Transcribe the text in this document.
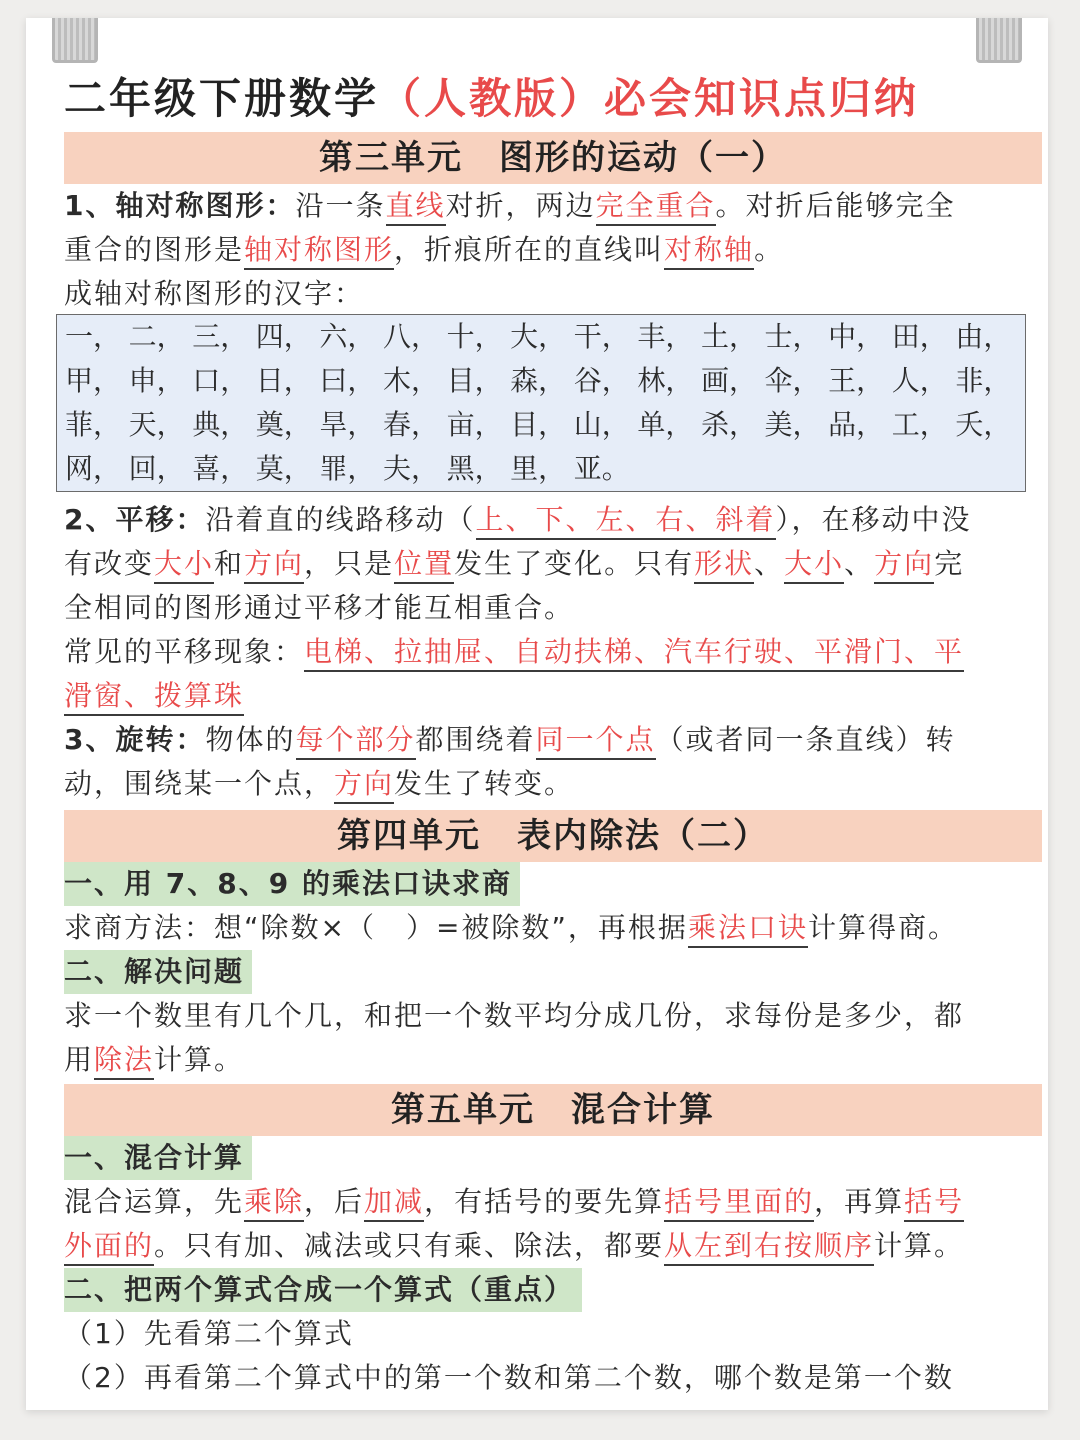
二年级下册数学（人教版）必会知识点归纳
第三单元　图形的运动（一）
1、轴对称图形：沿一条直线对折，两边完全重合。对折后能够完全
重合的图形是轴对称图形，折痕所在的直线叫对称轴。
成轴对称图形的汉字：
一， 二， 三， 四， 六， 八， 十， 大， 干， 丰， 土， 士， 中， 田， 由，
甲， 申， 口， 日， 曰， 木， 目， 森， 谷， 林， 画， 伞， 王， 人， 非，
菲， 天， 典， 奠， 旱， 春， 亩， 目， 山， 单， 杀， 美， 品， 工， 夭，
网， 回， 喜， 莫， 罪， 夫， 黑， 里， 亚。
2、平移：沿着直的线路移动（上、下、左、右、斜着），在移动中没
有改变大小和方向，只是位置发生了变化。只有形状、大小、方向完
全相同的图形通过平移才能互相重合。
常见的平移现象：电梯、拉抽屉、自动扶梯、汽车行驶、平滑门、平
滑窗、拨算珠
3、旋转：物体的每个部分都围绕着同一个点（或者同一条直线）转
动，围绕某一个点，方向发生了转变。
第四单元　表内除法（二）
一、用 7、8、9 的乘法口诀求商
求商方法：想“除数×（　）=被除数”，再根据乘法口诀计算得商。
二、解决问题
求一个数里有几个几，和把一个数平均分成几份，求每份是多少，都
用除法计算。
第五单元　混合计算
一、混合计算
混合运算，先乘除，后加减，有括号的要先算括号里面的，再算括号
外面的。只有加、减法或只有乘、除法，都要从左到右按顺序计算。
二、把两个算式合成一个算式（重点）
（1）先看第二个算式
（2）再看第二个算式中的第一个数和第二个数，哪个数是第一个数
